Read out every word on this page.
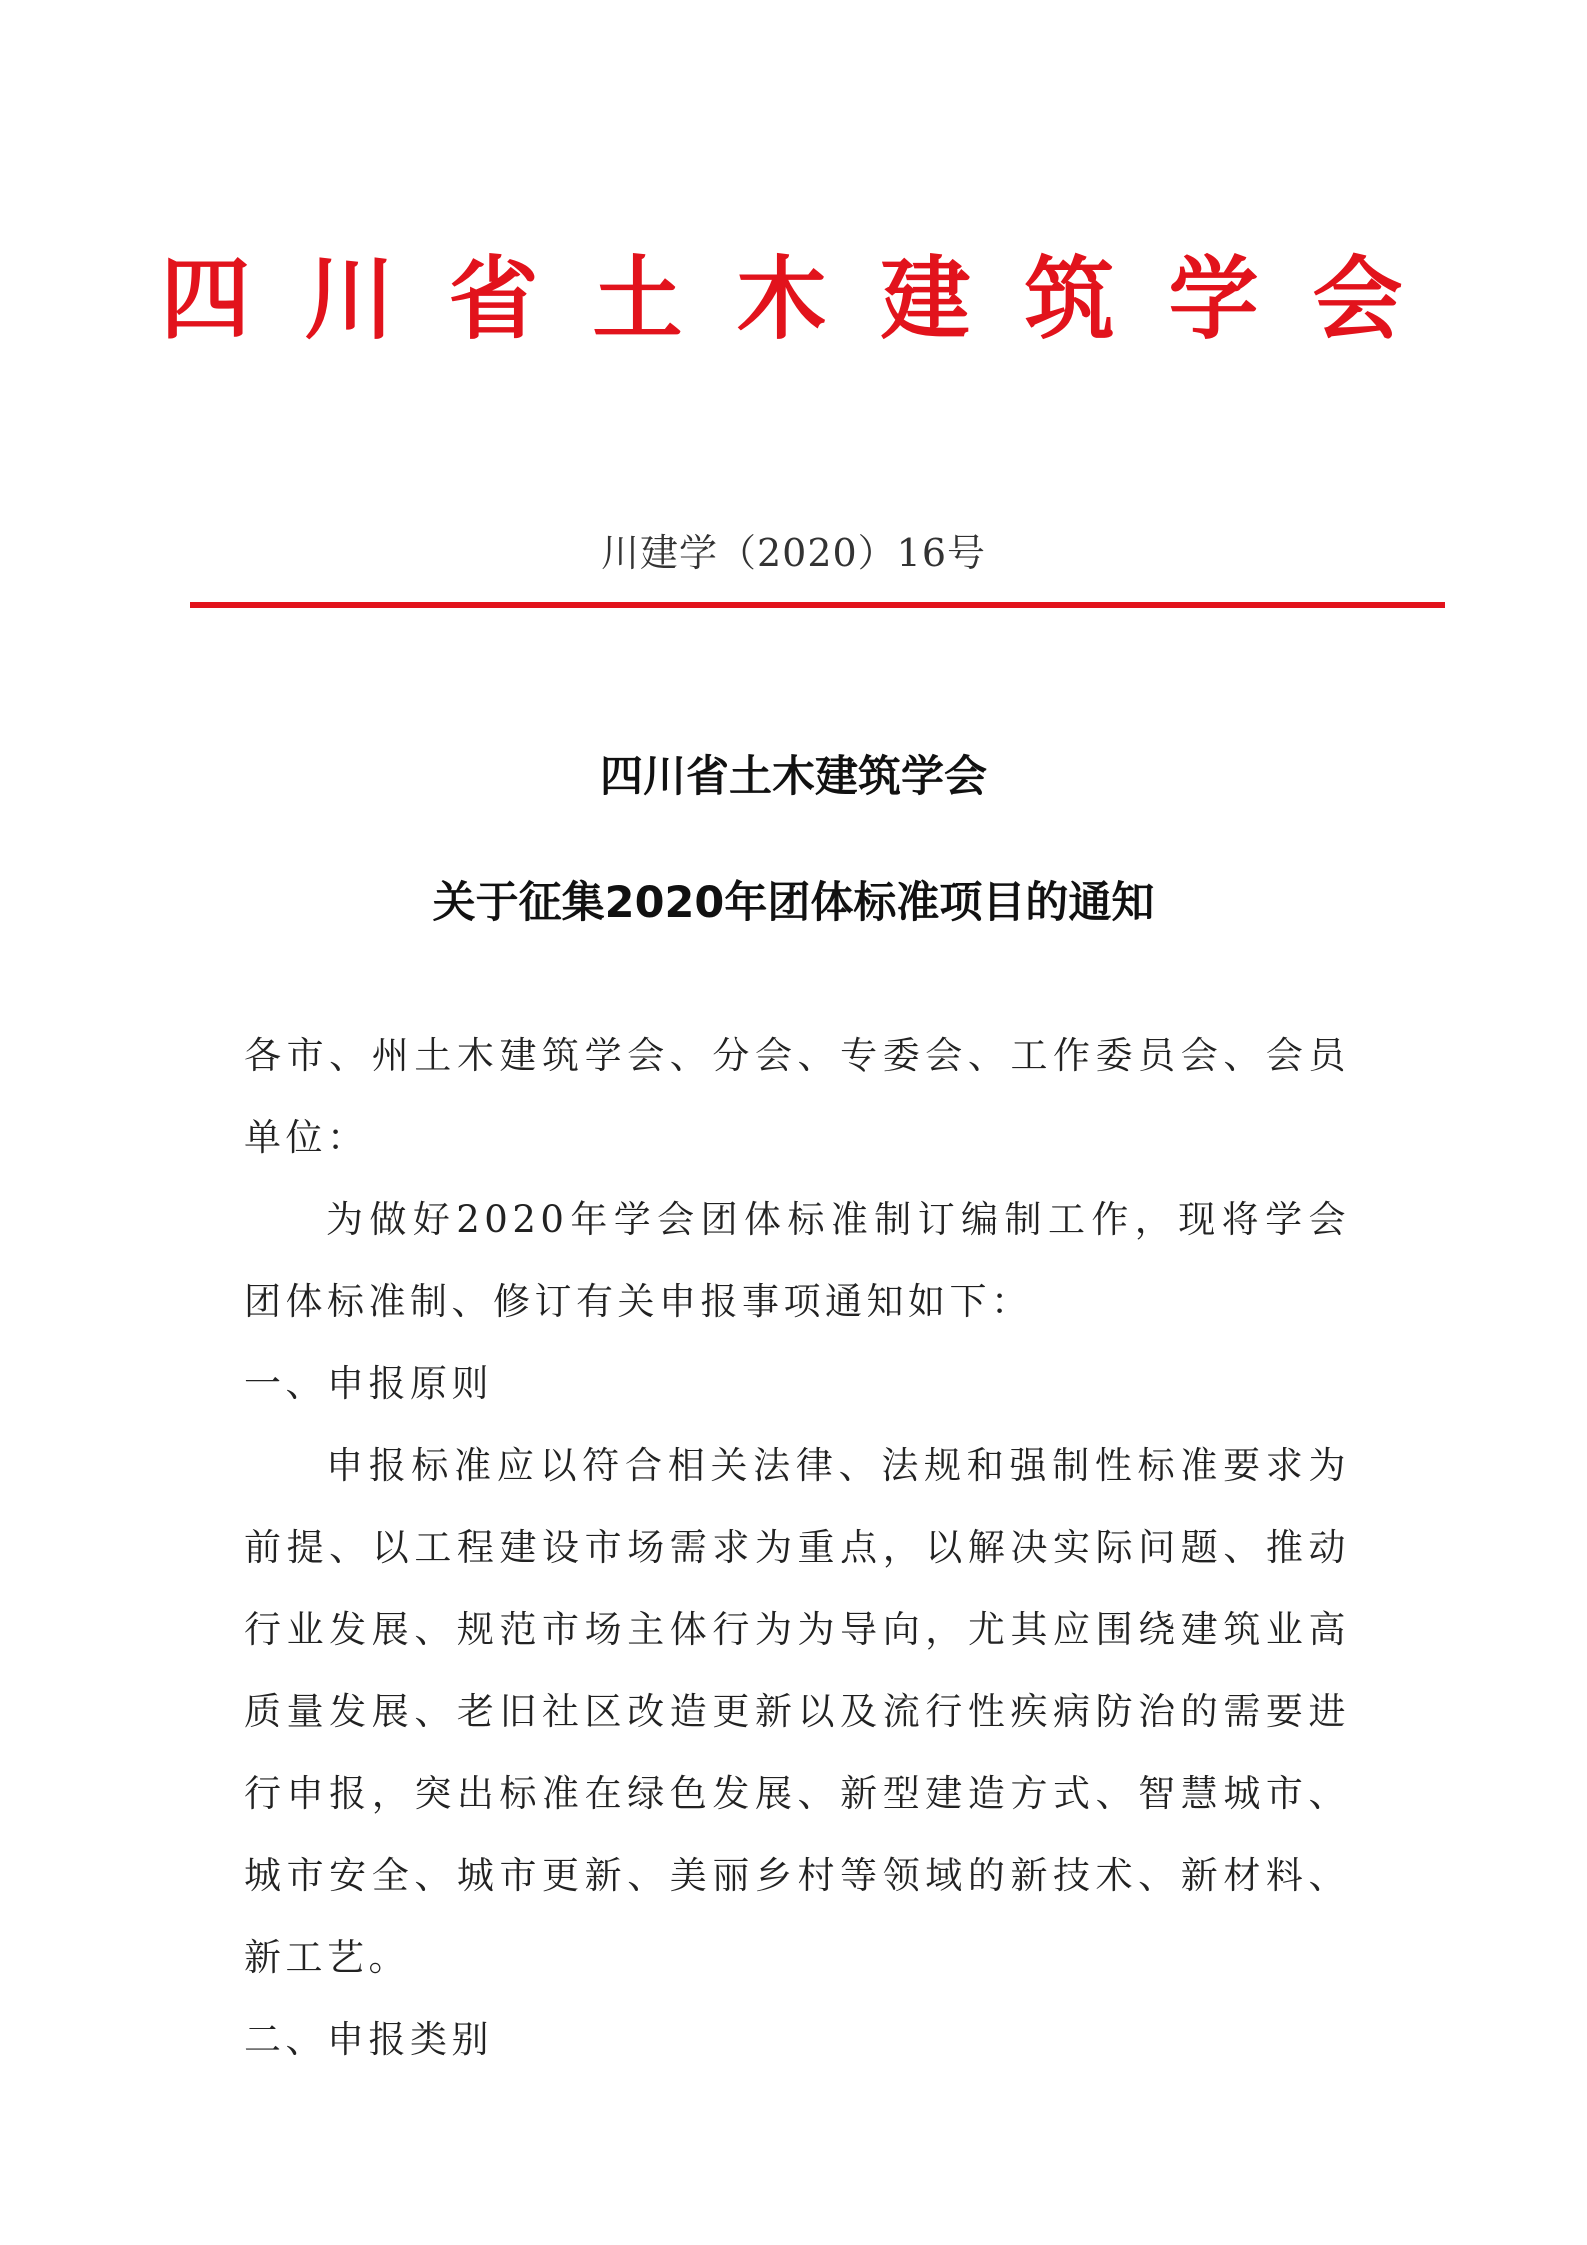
四川省土木建筑学会
川建学（2020）16号
四川省土木建筑学会
关于征集2020年团体标准项目的通知

各市、州土木建筑学会、分会、专委会、工作委员会、会员单位：

为做好2020年学会团体标准制订编制工作，现将学会团体标准制、修订有关申报事项通知如下：

一、申报原则

申报标准应以符合相关法律、法规和强制性标准要求为前提、以工程建设市场需求为重点，以解决实际问题、推动行业发展、规范市场主体行为为导向，尤其应围绕建筑业高质量发展、老旧社区改造更新以及流行性疾病防治的需要进行申报，突出标准在绿色发展、新型建造方式、智慧城市、城市安全、城市更新、美丽乡村等领域的新技术、新材料、新工艺。

二、申报类别
